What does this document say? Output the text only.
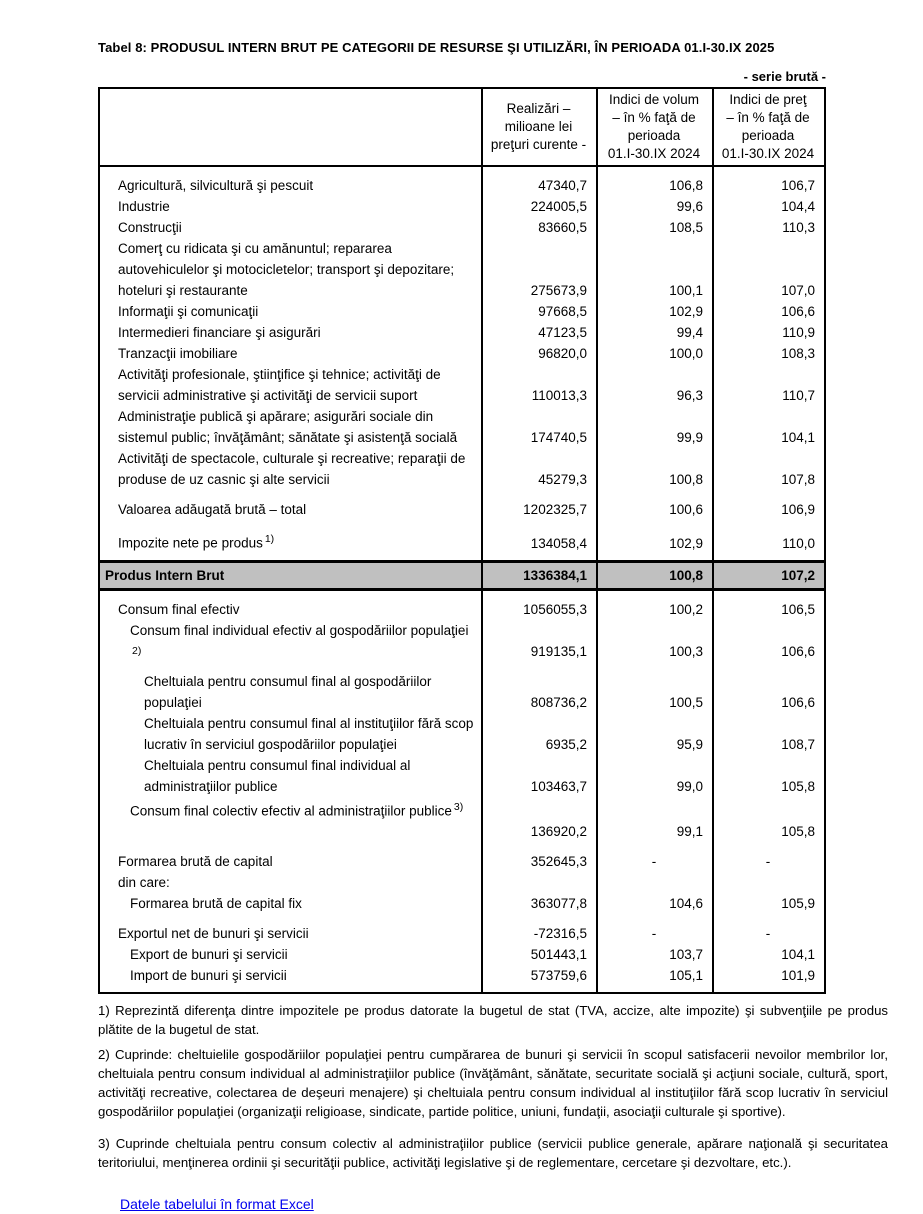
Tabel 8: PRODUSUL INTERN BRUT PE CATEGORII DE RESURSE ŞI UTILIZĂRI, ÎN PERIOADA 01.I-30.IX 2025
- serie brută -
Realizări –
milioane lei
preţuri curente -
Indici de volum
– în % faţă de
perioada
01.I-30.IX 2024
Indici de preţ
– în % faţă de
perioada
01.I-30.IX 2024
Agricultură, silvicultură şi pescuit	47340,7	106,8	106,7
Industrie	224005,5	99,6	104,4
Construcţii	83660,5	108,5	110,3
Comerţ cu ridicata şi cu amănuntul; repararea autovehiculelor şi motocicletelor; transport şi depozitare; hoteluri şi restaurante	275673,9	100,1	107,0
Informaţii şi comunicaţii	97668,5	102,9	106,6
Intermedieri financiare şi asigurări	47123,5	99,4	110,9
Tranzacţii imobiliare	96820,0	100,0	108,3
Activităţi profesionale, ştiinţifice şi tehnice; activităţi de servicii administrative şi activităţi de servicii suport	110013,3	96,3	110,7
Administraţie publică şi apărare; asigurări sociale din sistemul public; învăţământ; sănătate şi asistenţă socială	174740,5	99,9	104,1
Activităţi de spectacole, culturale şi recreative; reparaţii de produse de uz casnic şi alte servicii	45279,3	100,8	107,8
Valoarea adăugată brută – total	1202325,7	100,6	106,9
Impozite nete pe produs $^{1)}$	134058,4	102,9	110,0
Produs Intern Brut	1336384,1	100,8	107,2
Consum final efectiv	1056055,3	100,2	106,5
Consum final individual efectiv al gospodăriilor populaţiei
2)	919135,1	100,3	106,6
Cheltuiala pentru consumul final al gospodăriilor populaţiei	808736,2	100,5	106,6
Cheltuiala pentru consumul final al instituţiilor fără scop lucrativ în serviciul gospodăriilor populaţiei	6935,2	95,9	108,7
Cheltuiala pentru consumul final individual al administraţiilor publice	103463,7	99,0	105,8
Consum final colectiv efectiv al administraţiilor publice $^{3)}$
136920,2	99,1	105,8
Formarea brută de capital	352645,3	-	-
din care:
Formarea brută de capital fix	363077,8	104,6	105,9
Exportul net de bunuri şi servicii	-72316,5	-	-
Export de bunuri şi servicii	501443,1	103,7	104,1
Import de bunuri şi servicii	573759,6	105,1	101,9

1) Reprezintă diferenţa dintre impozitele pe produs datorate la bugetul de stat (TVA, accize, alte impozite) şi subvenţiile pe produs plătite de la bugetul de stat.

2) Cuprinde: cheltuielile gospodăriilor populaţiei pentru cumpărarea de bunuri şi servicii în scopul satisfacerii nevoilor membrilor lor, cheltuiala pentru consum individual al administraţiilor publice (învăţământ, sănătate, securitate socială şi acţiuni sociale, cultură, sport, activităţi recreative, colectarea de deşeuri menajere) şi cheltuiala pentru consum individual al instituţiilor fără scop lucrativ în serviciul gospodăriilor populaţiei (organizaţii religioase, sindicate, partide politice, uniuni, fundaţii, asociaţii culturale şi sportive).

3) Cuprinde cheltuiala pentru consum colectiv al administraţiilor publice (servicii publice generale, apărare naţională şi securitatea teritoriului, menţinerea ordinii şi securităţii publice, activităţi legislative şi de reglementare, cercetare şi dezvoltare, etc.).

Datele tabelului în format Excel
